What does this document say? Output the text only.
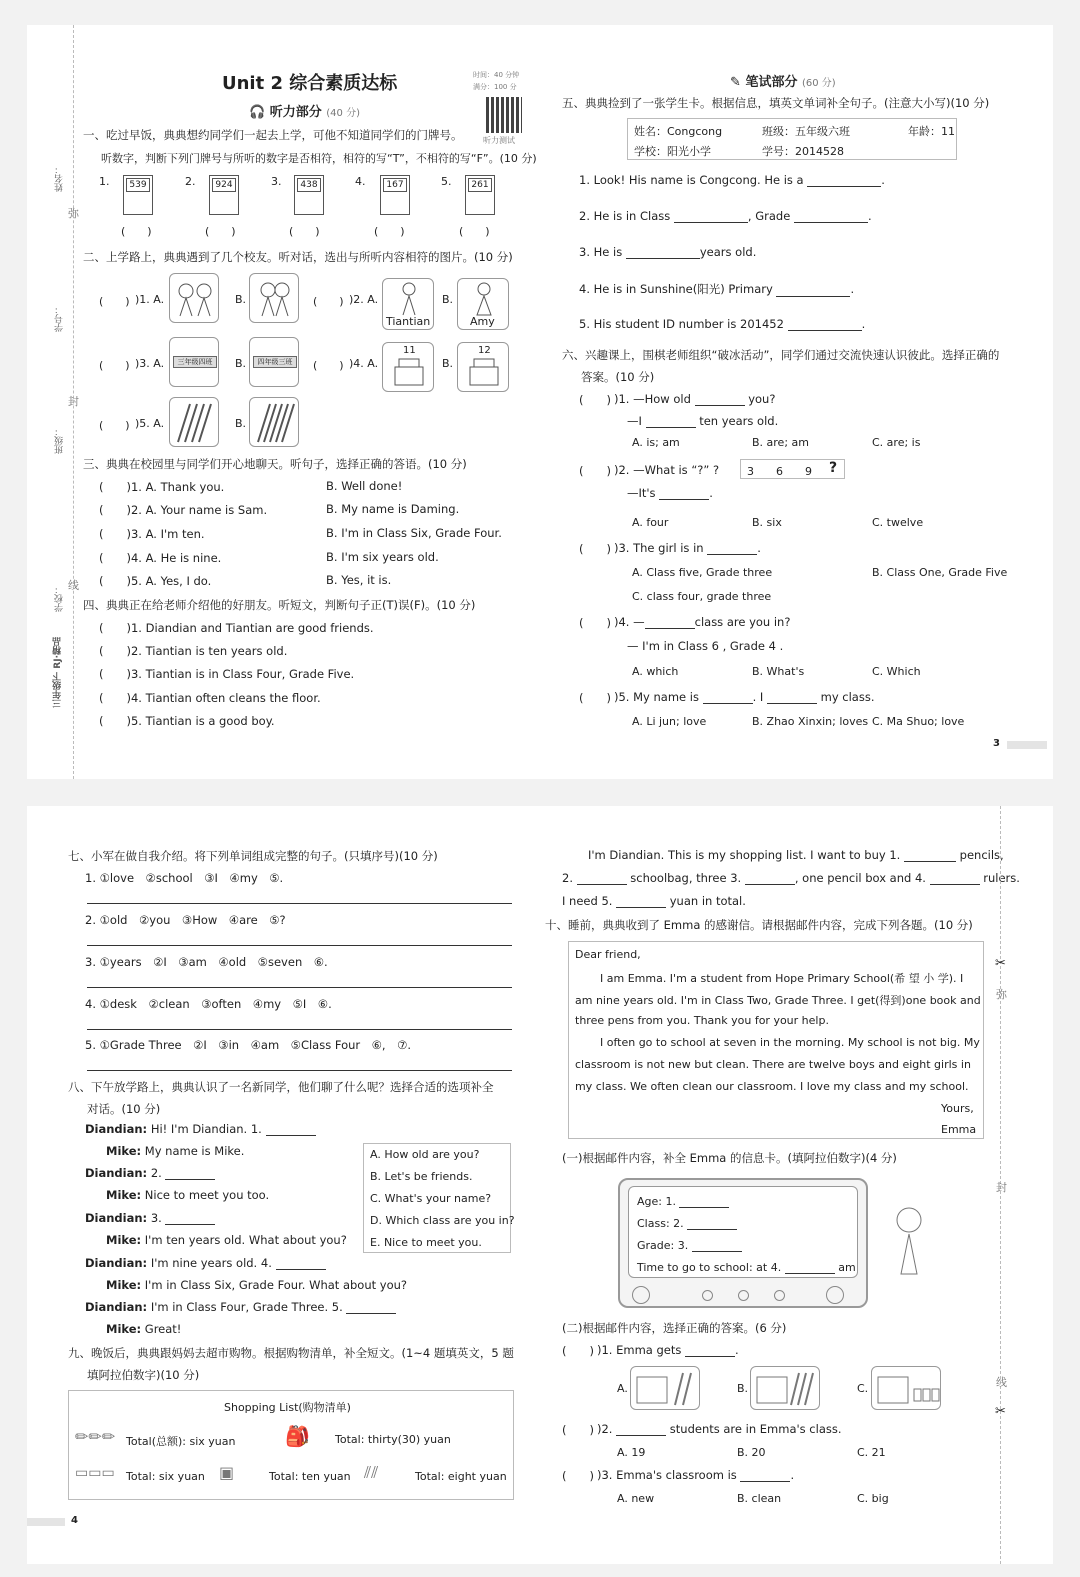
姓名：
弥
学号：
封
班级：
线
学校：
三年级下 RJ·精品
Unit 2 综合素质达标	时间：40 分钟
满分：100 分
听力测试
🎧 听力部分 (40 分)
一、吃过早饭，典典想约同学们一起去上学，可他不知道同学们的门牌号。
听数字，判断下列门牌号与所听的数字是否相符，相符的写“T”，不相符的写“F”。(10 分)
1.	539
(　　)
2.	924
(　　)
3.	438
(　　)
4.	167
(　　)
5.	261
(　　)
二、上学路上，典典遇到了几个校友。听对话，选出与所听内容相符的图片。(10 分)
(　　) )1. A.	B.	(　　) )2. A.
Tiantian
B.
Amy
(　　) )3. A.	三年级四班	B.	四年级三班	(　　) )4. A.
11
B.
12
(　　) )5. A.	B.
三、典典在校园里与同学们开心地聊天。听句子，选择正确的答语。(10 分)
(　　)1. A. Thank you.	B. Well done!
(　　)2. A. Your name is Sam.	B. My name is Daming.
(　　)3. A. I'm ten.	B. I'm in Class Six, Grade Four.
(　　)4. A. He is nine.	B. I'm six years old.
(　　)5. A. Yes, I do.	B. Yes, it is.
四、典典正在给老师介绍他的好朋友。听短文，判断句子正(T)误(F)。(10 分)
(　　)1. Diandian and Tiantian are good friends.
(　　)2. Tiantian is ten years old.
(　　)3. Tiantian is in Class Four, Grade Five.
(　　)4. Tiantian often cleans the floor.
(　　)5. Tiantian is a good boy.
✎ 笔试部分 (60 分)
五、典典捡到了一张学生卡。根据信息，填英文单词补全句子。(注意大小写)(10 分)
姓名：Congcong	班级：五年级六班	年龄：11
学校：阳光小学	学号：2014528
1. Look! His name is Congcong. He is a	.
2. He is in Class	, Grade	.
3. He is	years old.
4. He is in Sunshine(阳光) Primary	.
5. His student ID number is 201452	.
六、兴趣课上，围棋老师组织“破冰活动”，同学们通过交流快速认识彼此。选择正确的
答案。(10 分)
(　　) )1. —How old	you?
—I	ten years old.
A. is; am	B. are; am	C. are; is
(　　) )2. —What is “?” ?	3　　6　　9 ?
—It's	.
A. four	B. six	C. twelve
(　　) )3. The girl is in	.
A. Class five, Grade three	B. Class One, Grade Five
C. class four, grade three
(　　) )4. —	class are you in?
— I'm in Class 6 , Grade 4 .
A. which	B. What's	C. Which
(　　) )5. My name is	. I	my class.
A. Li jun; love	B. Zhao Xinxin; loves C. Ma Shuo; love
3
七、小军在做自我介绍。将下列单词组成完整的句子。(只填序号)(10 分)
1. ①love　②school　③I　④my　⑤.
2. ①old　②you　③How　④are　⑤?
3. ①years　②I　③am　④old　⑤seven　⑥.
4. ①desk　②clean　③often　④my　⑤I　⑥.
5. ①Grade Three　②I　③in　④am　⑤Class Four　⑥,　⑦.
八、下午放学路上，典典认识了一名新同学，他们聊了什么呢？选择合适的选项补全
对话。(10 分)
Diandian: Hi! I'm Diandian. 1.
Mike: My name is Mike.
Diandian: 2.
Mike: Nice to meet you too.
Diandian: 3.
Mike: I'm ten years old. What about you?
Diandian: I'm nine years old. 4.
Mike: I'm in Class Six, Grade Four. What about you?
Diandian: I'm in Class Four, Grade Three. 5.
Mike: Great!
A. How old are you?
B. Let's be friends.
C. What's your name?
D. Which class are you in?
E. Nice to meet you.
九、晚饭后，典典跟妈妈去超市购物。根据购物清单，补全短文。(1~4 题填英文，5 题
填阿拉伯数字)(10 分)
Shopping List(购物清单)
✏✏✏ Total(总额): six yuan 🎒 Total: thirty(30) yuan
▭▭▭ Total: six yuan ▣	Total: ten yuan ⫽⫽	Total: eight yuan
I'm Diandian. This is my shopping list. I want to buy 1.	pencils,
2.	schoolbag, three 3.	, one pencil box and 4.	rulers.
I need 5.	yuan in total.
十、睡前，典典收到了 Emma 的感谢信。请根据邮件内容，完成下列各题。(10 分)
Dear friend,
I am Emma. I'm a student from Hope Primary School(希 望 小 学). I
am nine years old. I'm in Class Two, Grade Three. I get(得到)one book and
three pens from you. Thank you for your help.
I often go to school at seven in the morning. My school is not big. My
classroom is not new but clean. There are twelve boys and eight girls in
my class. We often clean our classroom. I love my class and my school.
Yours,
Emma
(一)根据邮件内容，补全 Emma 的信息卡。(填阿拉伯数字)(4 分)
Age: 1.
Class: 2.
Grade: 3.
Time to go to school: at 4.	am
(二)根据邮件内容，选择正确的答案。(6 分)
(　　) )1. Emma gets	.
A.	B.	C.
(　　) )2.	students are in Emma's class.
A. 19	B. 20	C. 21
(　　) )3. Emma's classroom is	.
A. new	B. clean	C. big
✂
弥
封
线
✂
4
